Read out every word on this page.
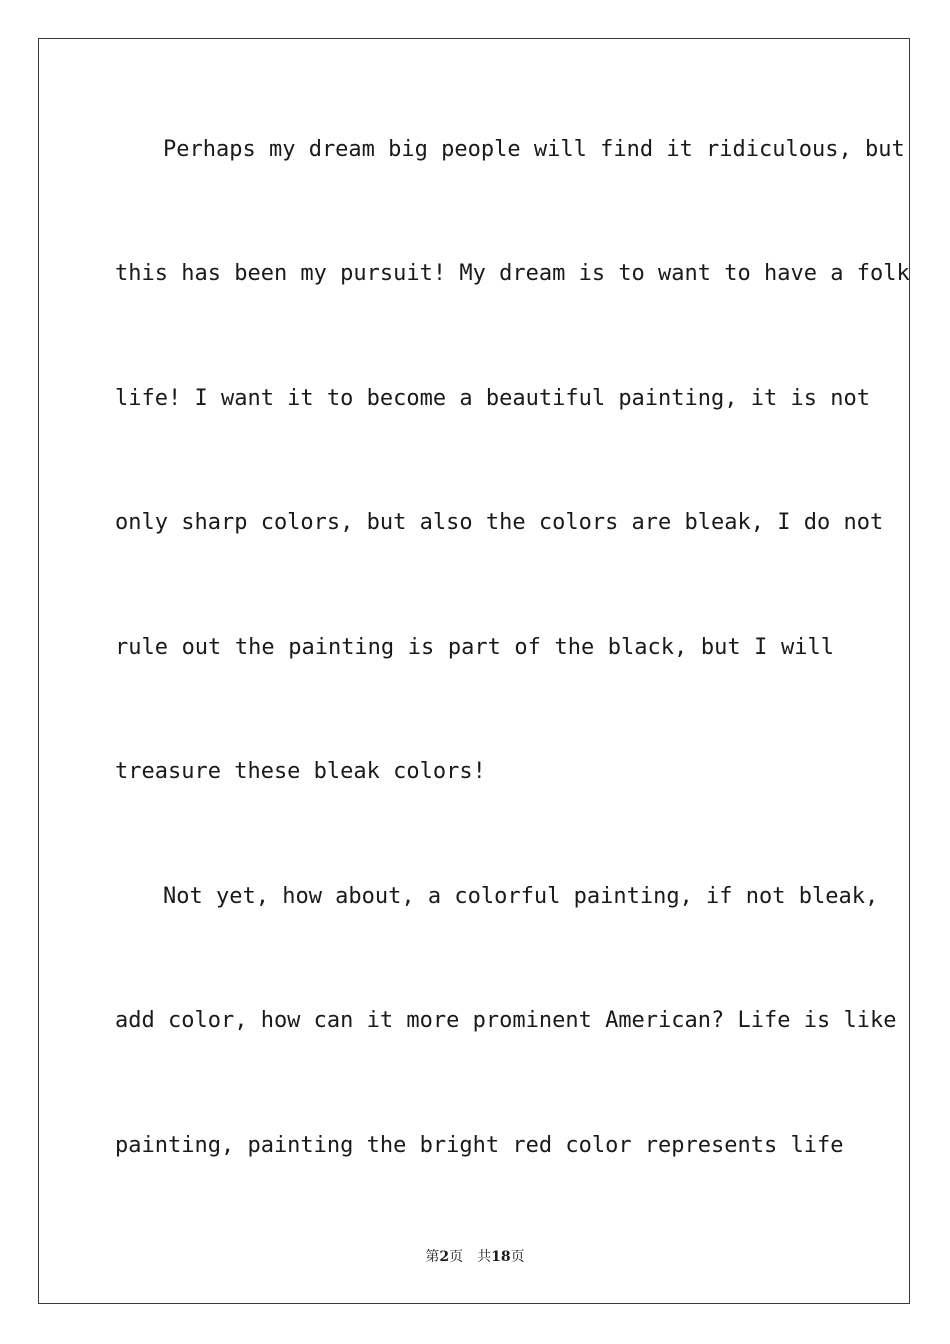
Perhaps my dream big people will find it ridiculous, but
this has been my pursuit! My dream is to want to have a folk
life! I want it to become a beautiful painting, it is not
only sharp colors, but also the colors are bleak, I do not
rule out the painting is part of the black, but I will
treasure these bleak colors!
Not yet, how about, a colorful painting, if not bleak,
add color, how can it more prominent American? Life is like
painting, painting the bright red color represents life
第2页 共18页
